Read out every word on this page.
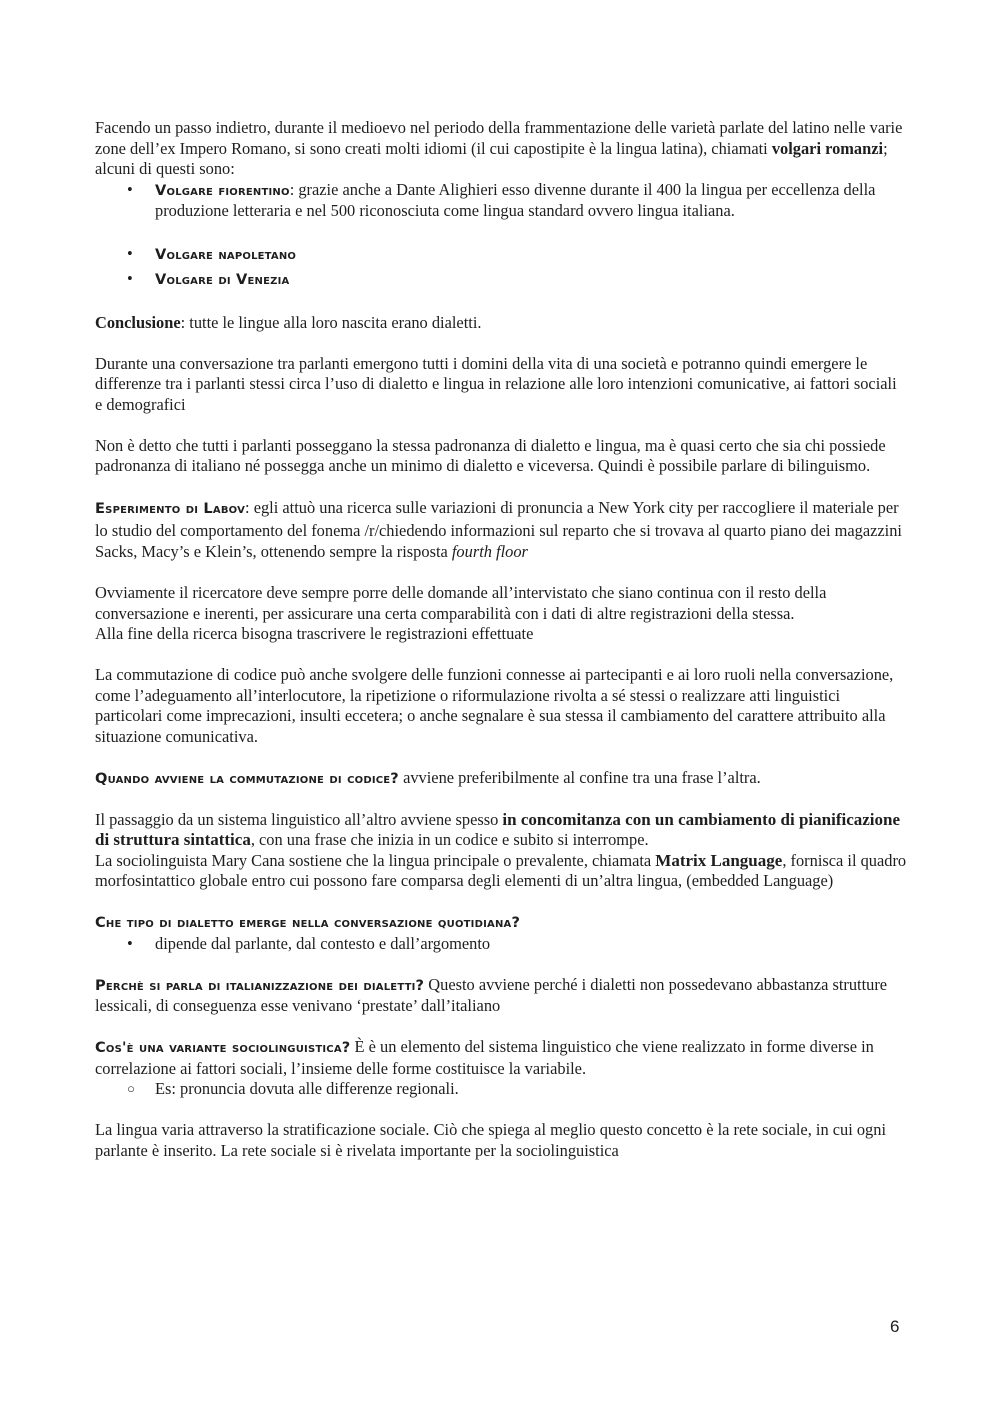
Facendo un passo indietro, durante il medioevo nel periodo della frammentazione delle varietà parlate del latino nelle varie zone dell’ex Impero Romano, si sono creati molti idiomi (il cui capostipite è la lingua latina), chiamati volgari romanzi; alcuni di questi sono:

• Volgare fiorentino: grazie anche a Dante Alighieri esso divenne durante il 400 la lingua per eccellenza della produzione letteraria e nel 500 riconosciuta come lingua standard ovvero lingua italiana.
• Volgare napoletano
• Volgare di Venezia

Conclusione: tutte le lingue alla loro nascita erano dialetti.

Durante una conversazione tra parlanti emergono tutti i domini della vita di una società e potranno quindi emergere le differenze tra i parlanti stessi circa l’uso di dialetto e lingua in relazione alle loro intenzioni comunicative, ai fattori sociali e demografici

Non è detto che tutti i parlanti posseggano la stessa padronanza di dialetto e lingua, ma è quasi certo che sia chi possiede padronanza di italiano né possegga anche un minimo di dialetto e viceversa. Quindi è possibile parlare di bilinguismo.

Esperimento di Labov: egli attuò una ricerca sulle variazioni di pronuncia a New York city per raccogliere il materiale per lo studio del comportamento del fonema /r/chiedendo informazioni sul reparto che si trovava al quarto piano dei magazzini Sacks, Macy’s e Klein’s, ottenendo sempre la risposta fourth floor

Ovviamente il ricercatore deve sempre porre delle domande all’intervistato che siano continua con il resto della conversazione e inerenti, per assicurare una certa comparabilità con i dati di altre registrazioni della stessa.

Alla fine della ricerca bisogna trascrivere le registrazioni effettuate

La commutazione di codice può anche svolgere delle funzioni connesse ai partecipanti e ai loro ruoli nella conversazione, come l’adeguamento all’interlocutore, la ripetizione o riformulazione rivolta a sé stessi o realizzare atti linguistici particolari come imprecazioni, insulti eccetera; o anche segnalare è sua stessa il cambiamento del carattere attribuito alla situazione comunicativa.

Quando avviene la commutazione di codice? avviene preferibilmente al confine tra una frase l’altra.

Il passaggio da un sistema linguistico all’altro avviene spesso in concomitanza con un cambiamento di pianificazione di struttura sintattica, con una frase che inizia in un codice e subito si interrompe.

La sociolinguista Mary Cana sostiene che la lingua principale o prevalente, chiamata Matrix Language, fornisca il quadro morfosintattico globale entro cui possono fare comparsa degli elementi di un’altra lingua, (embedded Language)

Che tipo di dialetto emerge nella conversazione quotidiana?

• dipende dal parlante, dal contesto e dall’argomento

Perchè si parla di italianizzazione dei dialetti? Questo avviene perché i dialetti non possedevano abbastanza strutture lessicali, di conseguenza esse venivano ‘prestate’ dall’italiano

Cos'è una variante sociolinguistica? È è un elemento del sistema linguistico che viene realizzato in forme diverse in correlazione ai fattori sociali, l’insieme delle forme costituisce la variabile.

○ Es: pronuncia dovuta alle differenze regionali.

La lingua varia attraverso la stratificazione sociale. Ciò che spiega al meglio questo concetto è la rete sociale, in cui ogni parlante è inserito. La rete sociale si è rivelata importante per la sociolinguistica

6
